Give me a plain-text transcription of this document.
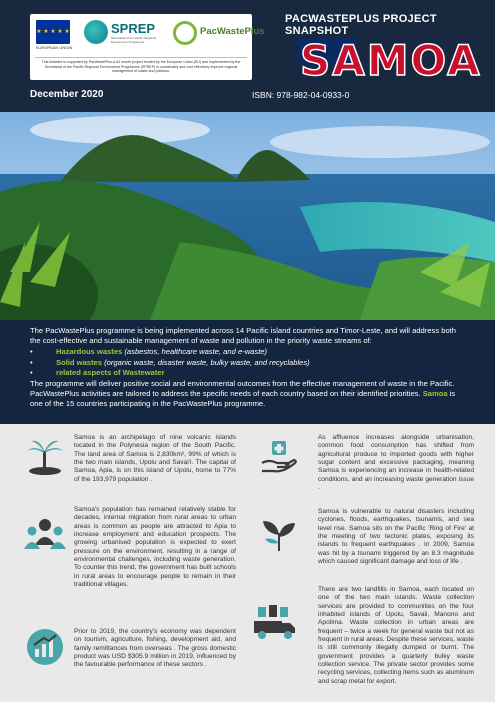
★ ★ ★ ★ ★
EUROPEAN UNION
SPREP
Secretariat of the Pacific Regional Environment Programme
PacWastePlus
This initiative is supported by PacWastePlus-a 64 month project funded by the European Union (EU) and implemented by the Secretariat of the Pacific Regional Environment Programme (SPREP) to sustainably and cost effectively improve regional management of waste and pollution.
PACWASTEPLUS PROJECT SNAPSHOT
SAMOA
December 2020	ISBN: 978-982-04-0933-0

The PacWastePlus programme is being implemented across 14 Pacific island countries and Timor-Leste, and will address both the cost-effective and sustainable management of waste and pollution in the priority waste streams of:

• Hazardous wastes (asbestos, healthcare waste, and e-waste)
• Solid wastes (organic waste, disaster waste, bulky waste, and recyclables)
• related aspects of Wastewater

The programme will deliver positive social and environmental outcomes from the effective management of waste in the Pacific. PacWastePlus activities are tailored to address the specific needs of each country based on their identified priorities. Samoa is one of the 15 countries participating in the PacWastePlus programme.

Samoa is an archipelago of nine volcanic islands located in the Polynesia region of the South Pacific. The land area of Samoa is 2,830km², 99% of which is the two main islands, Upolu and Savai'i. The capital of Samoa, Apia, is on this island of Upolu, home to 77% of the 193,979 population .
Samoa's population has remained relatively stable for decades, internal migration from rural areas to urban areas is common as people are attracted to Apia to increase employment and education prospects. The growing urbanised population is expected to exert pressure on the environment, resulting in a range of environmental challenges, including waste generation. To counter this trend, the government has built schools in rural areas to encourage people to remain in their traditional villages.
Prior to 2019, the country's economy was dependent on tourism, agriculture, fishing, development aid, and family remittances from overseas . The gross domestic product was USD $305.9 million in 2019, influenced by the favourable performance of these sectors .
As affluence increases alongside urbanisation, common food consumption has shifted from agricultural produce to imported goods with higher sugar content and excessive packaging, meaning Samoa is experiencing an increase in health-related conditions, and an increasing waste generation issue .
Samoa is vulnerable to natural disasters including cyclones, floods, earthquakes, tsunamis, and sea level rise. Samoa sits on the Pacific 'Ring of Fire' at the meeting of two tectonic plates, exposing its islands to frequent earthquakes . In 2009, Samoa was hit by a tsunami triggered by an 8.3 magnitude which caused significant damage and loss of life .
There are two landfills in Samoa, each located on one of the two main islands. Waste collection services are provided to communities on the four inhabited islands of Upolu, Savaii, Manono and Apolima. Waste collection in urban areas are frequent – twice a week for general waste but not as frequent in rural areas. Despite these services, waste is still commonly illegally dumped or burnt. The government provides a quarterly bulky waste collection service. The private sector provides some recycling services, collecting items such as aluminum and scrap metal for export.
